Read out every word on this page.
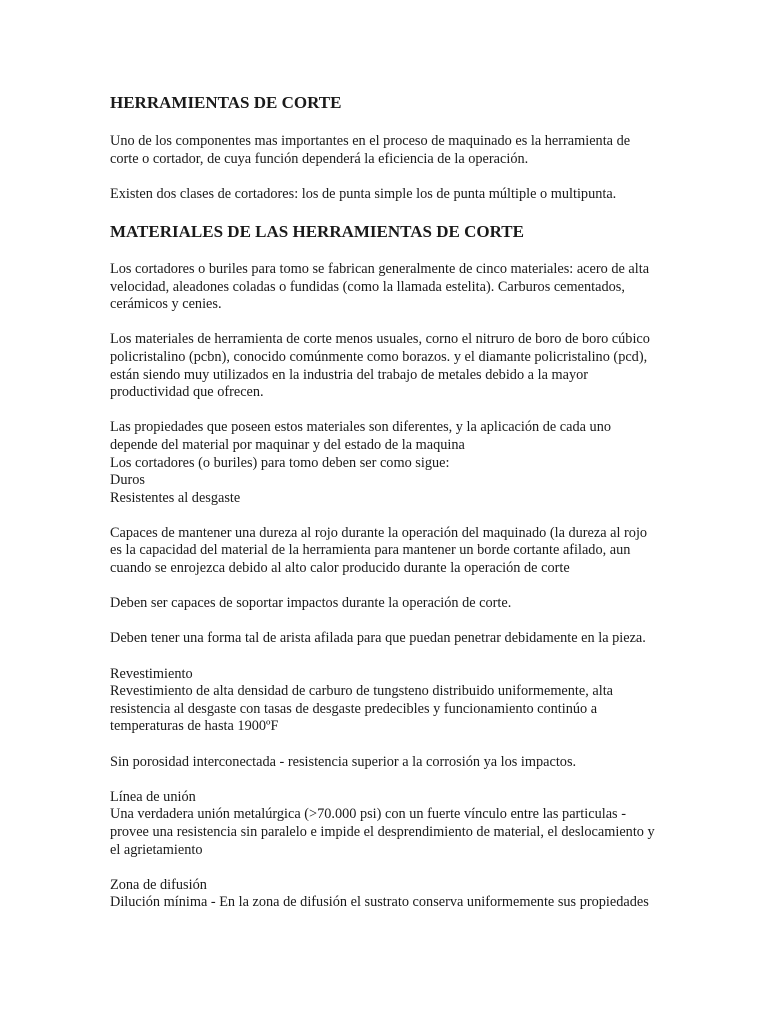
HERRAMIENTAS DE CORTE

Uno de los componentes mas importantes en el proceso de maquinado es la herramienta de corte o cortador, de cuya función dependerá la eficiencia de la operación.

Existen dos clases de cortadores: los de punta simple los de punta múltiple o multipunta.

MATERIALES DE LAS HERRAMIENTAS DE CORTE

Los cortadores o buriles para tomo se fabrican generalmente de cinco materiales: acero de alta velocidad, aleadones coladas o fundidas (como la llamada estelita). Carburos cementados, cerámicos y cenies.

Los materiales de herramienta de corte menos usuales, corno el nitruro de boro de boro cúbico policristalino (pcbn), conocido comúnmente como borazos. y el diamante policristalino (pcd), están siendo muy utilizados en la industria del trabajo de metales debido a la mayor productividad que ofrecen.

Las propiedades que poseen estos materiales son diferentes, y la aplicación de cada uno depende del material por maquinar y del estado de la maquina
Los cortadores (o buriles) para tomo deben ser como sigue:
Duros
Resistentes al desgaste

Capaces de mantener una dureza al rojo durante la operación del maquinado (la dureza al rojo es la capacidad del material de la herramienta para mantener un borde cortante afilado, aun cuando se enrojezca debido al alto calor producido durante la operación de corte

Deben ser capaces de soportar impactos durante la operación de corte.

Deben tener una forma tal de arista afilada para que puedan penetrar debidamente en la pieza.

Revestimiento
Revestimiento de alta densidad de carburo de tungsteno distribuido uniformemente, alta resistencia al desgaste con tasas de desgaste predecibles y funcionamiento continúo a temperaturas de hasta 1900ºF

Sin porosidad interconectada - resistencia superior a la corrosión ya los impactos.

Línea de unión
Una verdadera unión metalúrgica (>70.000 psi) con un fuerte vínculo entre las particulas - provee una resistencia sin paralelo e impide el desprendimiento de material, el deslocamiento y el agrietamiento

Zona de difusión
Dilución mínima - En la zona de difusión el sustrato conserva uniformemente sus propiedades
